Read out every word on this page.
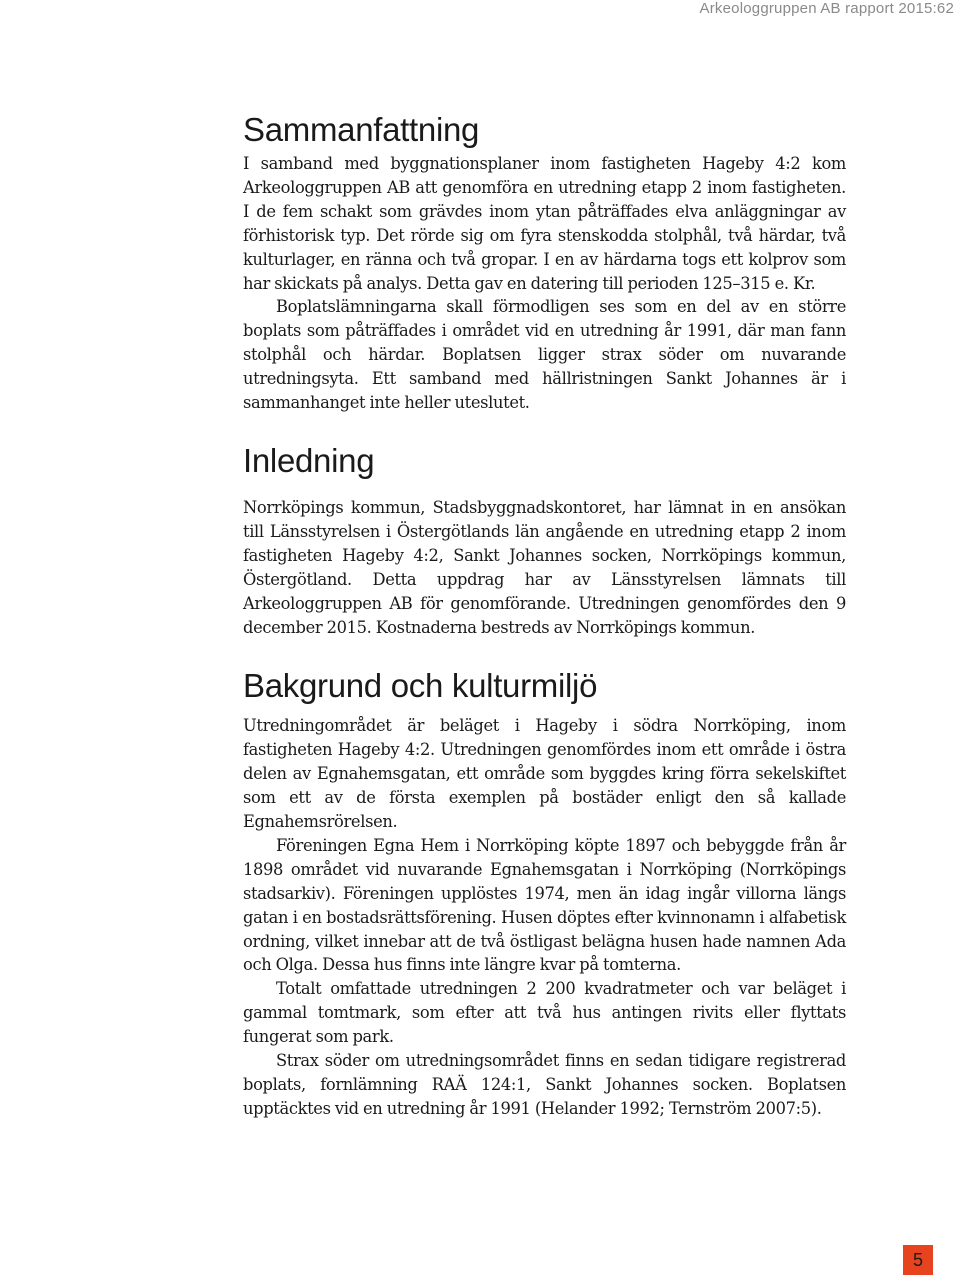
Arkeologgruppen AB rapport 2015:62
Sammanfattning

I samband med byggnationsplaner inom fastigheten Hageby 4:2 kom Arkeologgruppen AB att genomföra en utredning etapp 2 inom fastigheten. I de fem schakt som grävdes inom ytan påträffades elva anläggningar av förhistorisk typ. Det rörde sig om fyra stenskodda stolphål, två härdar, två kulturlager, en ränna och två gropar. I en av härdarna togs ett kolprov som har skickats på analys. Detta gav en datering till perioden 125–315 e. Kr.

Boplatslämningarna skall förmodligen ses som en del av en större boplats som påträffades i området vid en utredning år 1991, där man fann stolphål och härdar. Boplatsen ligger strax söder om nuvarande utredningsyta. Ett samband med hällristningen Sankt Johannes är i sammanhanget inte heller uteslutet.

Inledning

Norrköpings kommun, Stadsbyggnadskontoret, har lämnat in en ansökan till Länsstyrelsen i Östergötlands län angående en utredning etapp 2 inom fastigheten Hageby 4:2, Sankt Johannes socken, Norrköpings kommun, Östergötland. Detta uppdrag har av Länsstyrelsen lämnats till Arkeologgruppen AB för genomförande. Utredningen genomfördes den 9 december 2015. Kostnaderna bestreds av Norrköpings kommun.

Bakgrund och kulturmiljö

Utredningområdet är beläget i Hageby i södra Norrköping, inom fastigheten Hageby 4:2. Utredningen genomfördes inom ett område i östra delen av Egnahemsgatan, ett område som byggdes kring förra sekelskiftet som ett av de första exemplen på bostäder enligt den så kallade Egnahemsrörelsen.

Föreningen Egna Hem i Norrköping köpte 1897 och bebyggde från år 1898 området vid nuvarande Egnahemsgatan i Norrköping (Norrköpings stadsarkiv). Föreningen upplöstes 1974, men än idag ingår villorna längs gatan i en bostadsrättsförening. Husen döptes efter kvinnonamn i alfabetisk ordning, vilket innebar att de två östligast belägna husen hade namnen Ada och Olga. Dessa hus finns inte längre kvar på tomterna.

Totalt omfattade utredningen 2 200 kvadratmeter och var beläget i gammal tomtmark, som efter att två hus antingen rivits eller flyttats fungerat som park.

Strax söder om utredningsområdet finns en sedan tidigare registrerad boplats, fornlämning RAÄ 124:1, Sankt Johannes socken. Boplatsen upptäcktes vid en utredning år 1991 (Helander 1992; Ternström 2007:5).

5
